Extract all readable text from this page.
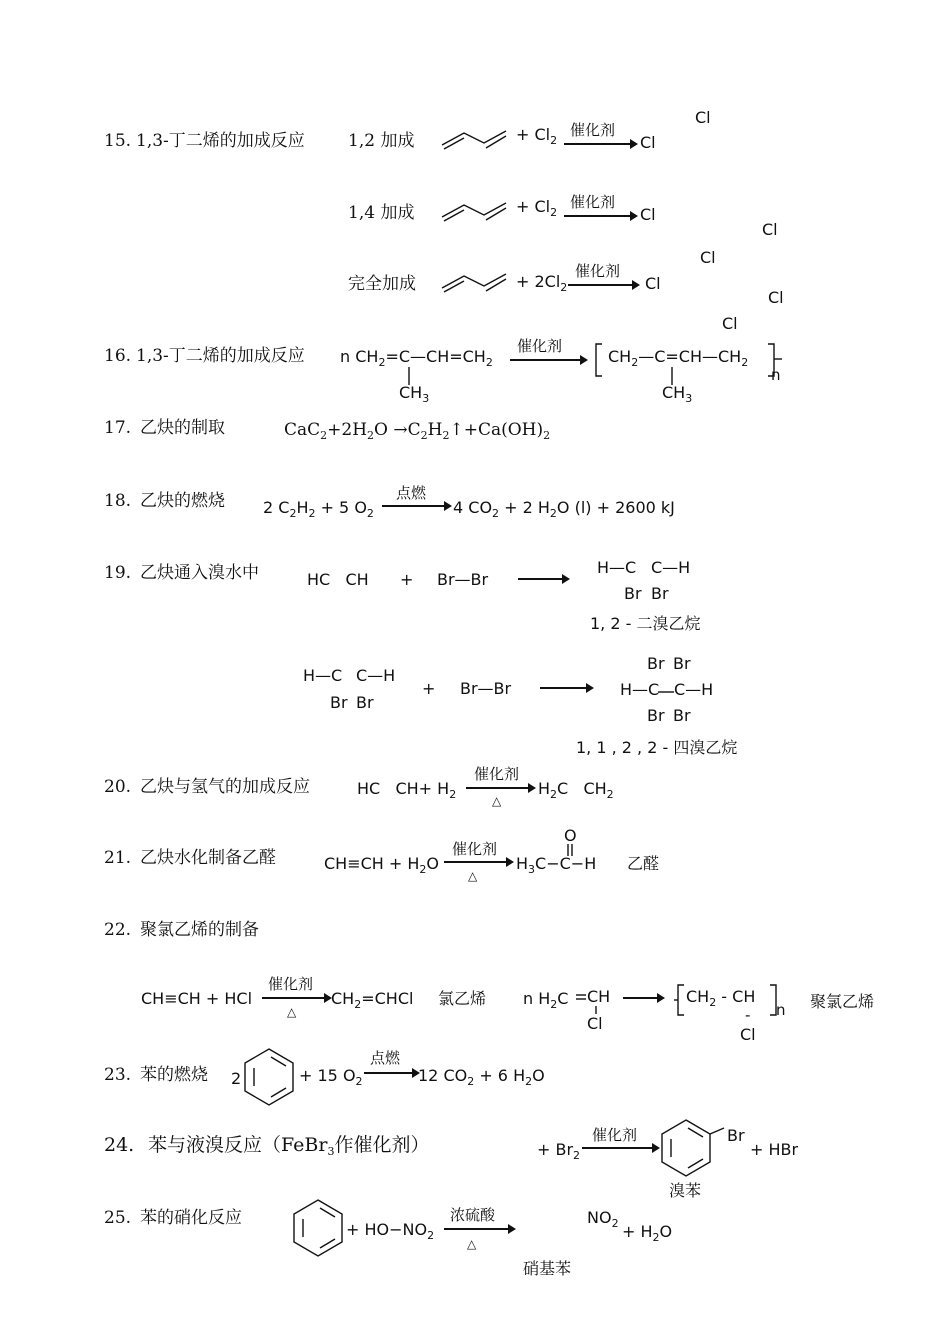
15. 1,3-丁二烯的加成反应	1,2 加成	+ $Cl_2$
催化剂
Cl
Cl
1,4 加成	+ $Cl_2$
催化剂
Cl
Cl
Cl
完全加成	+ $2Cl_2$
催化剂
Cl
Cl
Cl
16. 1,3-丁二烯的加成反应 n $CH_2=C—CH=CH_2$
$CH_3$
催化剂
$CH_2—C=CH—CH_2$
n
$CH_3$
17. 乙炔的制取	$CaC_2+2H_2O$ $\to C_2H_2↑+Ca(OH)_2$
18. 乙炔的燃烧 2 $C_2H_2 + 5$ $O_2$
点燃
4 $CO_2 + 2$ $H_2O$ (l) + 2600 kJ
19. 乙炔通入溴水中	HC   CH + Br—Br
H—C C—H
Br Br
1, 2 - 二溴乙烷
H—C C—H
Br Br
+ Br—Br
Br Br
H—C C—H
Br Br
1, 1 , 2 , 2 - 四溴乙烷
20. 乙炔与氢气的加成反应	HC   $CH+ H_2$
催化剂
△
$H_2C$   $CH_2$
21. 乙炔水化制备乙醛	$CH\equiv CH + H_2O$
催化剂
△
O
$H_3C-C-H$ 乙醛
22. 聚氯乙烯的制备
CH≡CH + HCl
催化剂
△
$CH_2=CHCl$ 氯乙烯 n $H_2C$ CH
Cl
$CH_2$ - CH
n
-
Cl
聚氯乙烯
23. 苯的燃烧 2	+ 15 $O_2$
点燃
12 $CO_2 + 6$ $H_2O$
24. 苯与液溴反应（FeBr$_3$作催化剂）	+ $Br_2$
催化剂	Br
+ HBr
溴苯
25. 苯的硝化反应
+ $HO-NO_2$
浓硫酸
△
$NO_2 + H_2O$
硝基苯
